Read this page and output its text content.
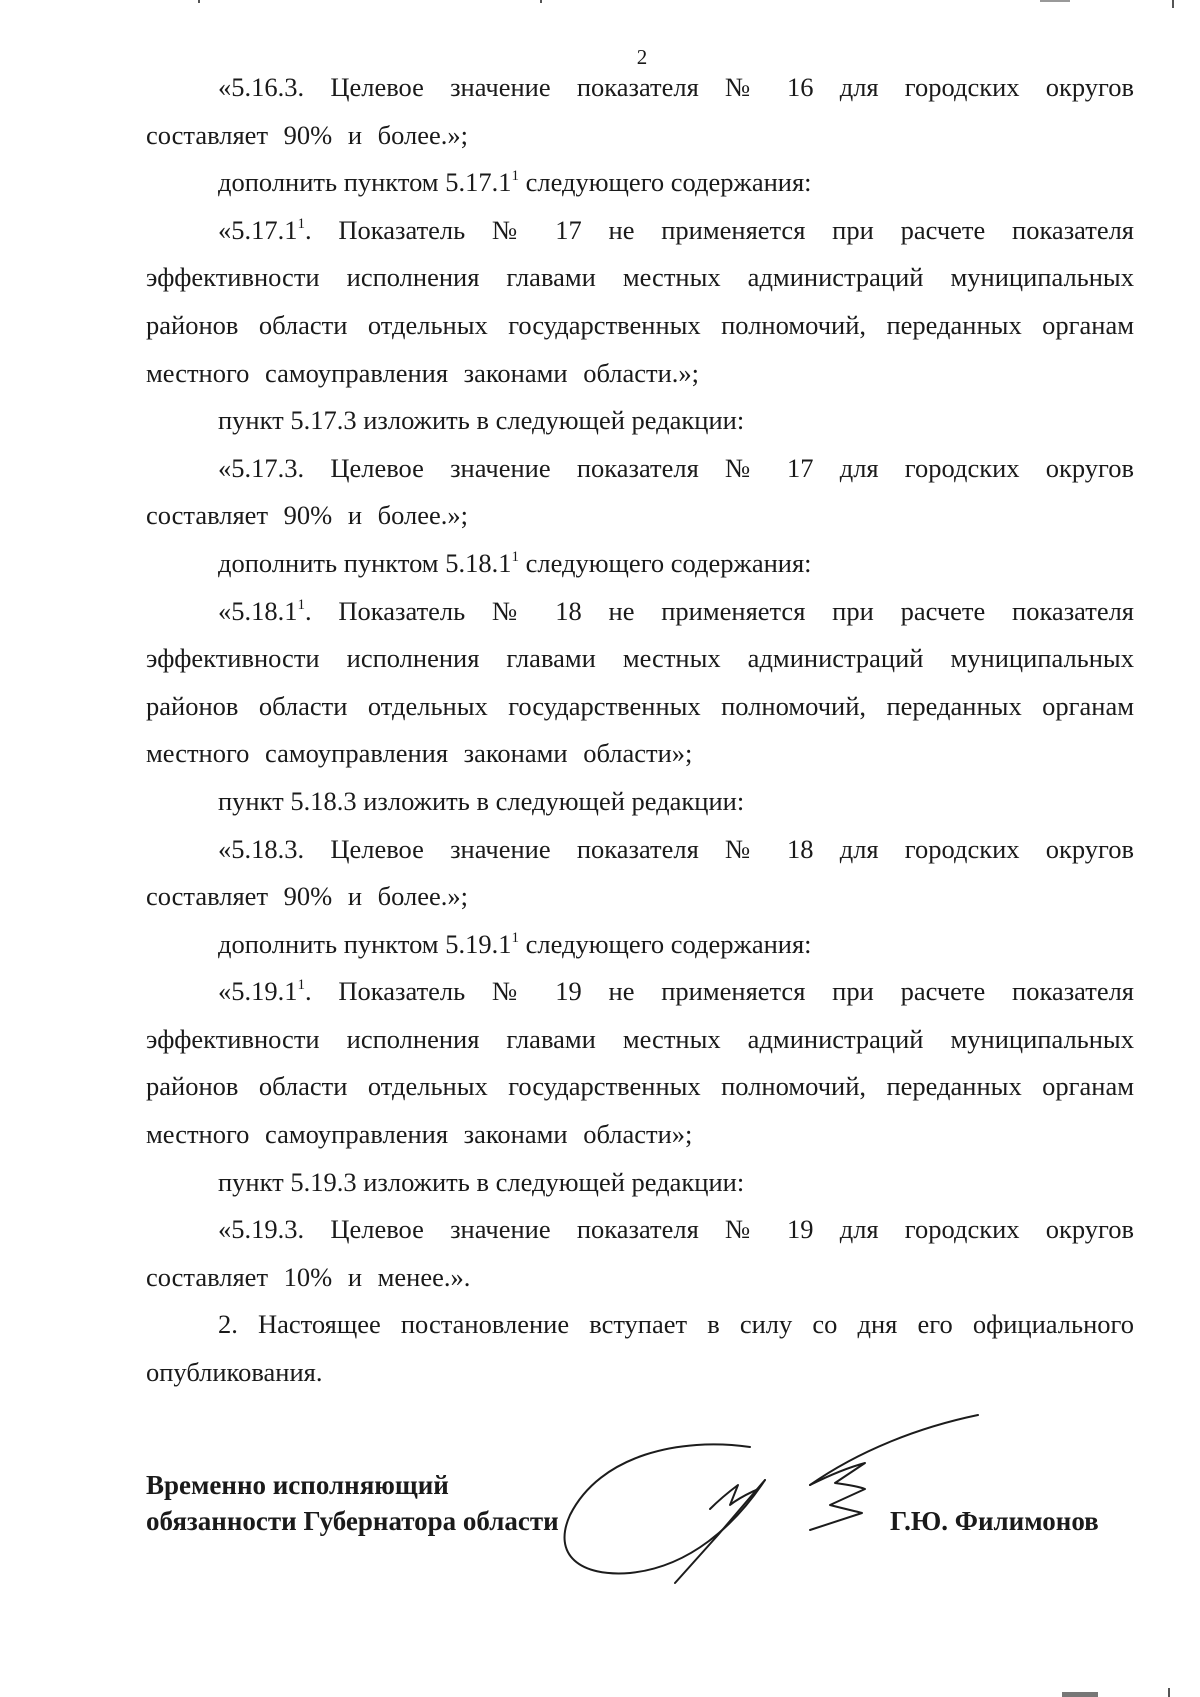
2

«5.16.3. Целевое значение показателя № 16 для городских округов составляет 90% и более.»;

дополнить пунктом 5.17.1$^1$ следующего содержания:

«5.17.1$^1$. Показатель № 17 не применяется при расчете показателя эффективности исполнения главами местных администраций муниципальных районов области отдельных государственных полномочий, переданных органам местного самоуправления законами области.»;

пункт 5.17.3 изложить в следующей редакции:

«5.17.3. Целевое значение показателя № 17 для городских округов составляет 90% и более.»;

дополнить пунктом 5.18.1$^1$ следующего содержания:

«5.18.1$^1$. Показатель № 18 не применяется при расчете показателя эффективности исполнения главами местных администраций муниципальных районов области отдельных государственных полномочий, переданных органам местного самоуправления законами области»;

пункт 5.18.3 изложить в следующей редакции:

«5.18.3. Целевое значение показателя № 18 для городских округов составляет 90% и более.»;

дополнить пунктом 5.19.1$^1$ следующего содержания:

«5.19.1$^1$. Показатель № 19 не применяется при расчете показателя эффективности исполнения главами местных администраций муниципальных районов области отдельных государственных полномочий, переданных органам местного самоуправления законами области»;

пункт 5.19.3 изложить в следующей редакции:

«5.19.3. Целевое значение показателя № 19 для городских округов составляет 10% и менее.».

2. Настоящее постановление вступает в силу со дня его официального опубликования.

Временно исполняющий
обязанности Губернатора области	Г.Ю. Филимонов
